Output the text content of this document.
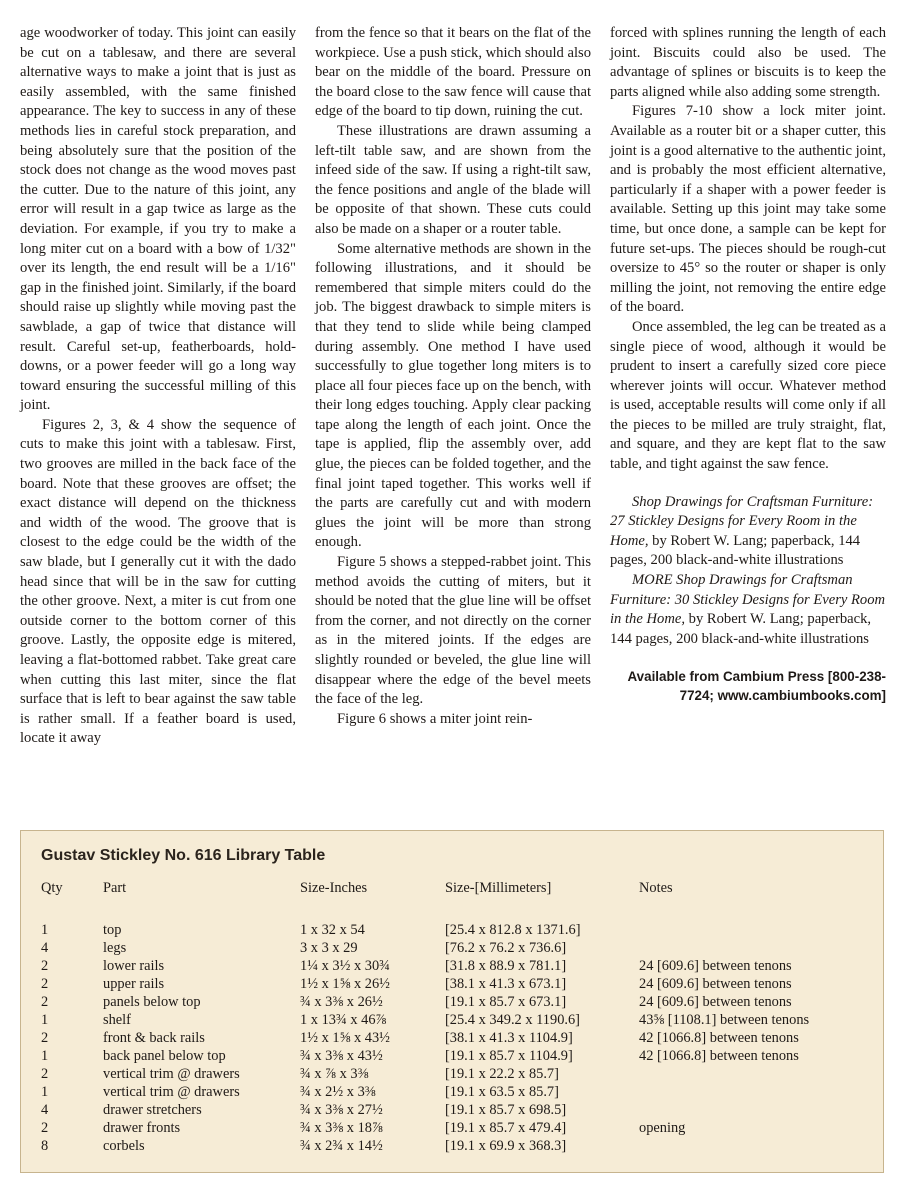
age woodworker of today. This joint can easily be cut on a tablesaw, and there are several alternative ways to make a joint that is just as easily assembled, with the same finished appearance. The key to success in any of these methods lies in careful stock preparation, and being absolutely sure that the position of the stock does not change as the wood moves past the cutter. Due to the nature of this joint, any error will result in a gap twice as large as the deviation. For example, if you try to make a long miter cut on a board with a bow of 1/32" over its length, the end result will be a 1/16" gap in the finished joint. Similarly, if the board should raise up slightly while moving past the sawblade, a gap of twice that distance will result. Careful set-up, featherboards, hold-downs, or a power feeder will go a long way toward ensuring the successful milling of this joint.

Figures 2, 3, & 4 show the sequence of cuts to make this joint with a tablesaw. First, two grooves are milled in the back face of the board. Note that these grooves are offset; the exact distance will depend on the thickness and width of the wood. The groove that is closest to the edge could be the width of the saw blade, but I generally cut it with the dado head since that will be in the saw for cutting the other groove. Next, a miter is cut from one outside corner to the bottom corner of this groove. Lastly, the opposite edge is mitered, leaving a flat-bottomed rabbet. Take great care when cutting this last miter, since the flat surface that is left to bear against the saw table is rather small. If a feather board is used, locate it away

from the fence so that it bears on the flat of the workpiece. Use a push stick, which should also bear on the middle of the board. Pressure on the board close to the saw fence will cause that edge of the board to tip down, ruining the cut.

These illustrations are drawn assuming a left-tilt table saw, and are shown from the infeed side of the saw. If using a right-tilt saw, the fence positions and angle of the blade will be opposite of that shown. These cuts could also be made on a shaper or a router table.

Some alternative methods are shown in the following illustrations, and it should be remembered that simple miters could do the job. The biggest drawback to simple miters is that they tend to slide while being clamped during assembly. One method I have used successfully to glue together long miters is to place all four pieces face up on the bench, with their long edges touching. Apply clear packing tape along the length of each joint. Once the tape is applied, flip the assembly over, add glue, the pieces can be folded together, and the final joint taped together. This works well if the parts are carefully cut and with modern glues the joint will be more than strong enough.

Figure 5 shows a stepped-rabbet joint. This method avoids the cutting of miters, but it should be noted that the glue line will be offset from the corner, and not directly on the corner as in the mitered joints. If the edges are slightly rounded or beveled, the glue line will disappear where the edge of the bevel meets the face of the leg.

Figure 6 shows a miter joint rein-

forced with splines running the length of each joint. Biscuits could also be used. The advantage of splines or biscuits is to keep the parts aligned while also adding some strength.

Figures 7-10 show a lock miter joint. Available as a router bit or a shaper cutter, this joint is a good alternative to the authentic joint, and is probably the most efficient alternative, particularly if a shaper with a power feeder is available. Setting up this joint may take some time, but once done, a sample can be kept for future set-ups. The pieces should be rough-cut oversize to 45° so the router or shaper is only milling the joint, not removing the entire edge of the board.

Once assembled, the leg can be treated as a single piece of wood, although it would be prudent to insert a carefully sized core piece wherever joints will occur. Whatever method is used, acceptable results will come only if all the pieces to be milled are truly straight, flat, and square, and they are kept flat to the saw table, and tight against the saw fence.

Shop Drawings for Craftsman Furniture: 27 Stickley Designs for Every Room in the Home, by Robert W. Lang; paperback, 144 pages, 200 black-and-white illustrations

MORE Shop Drawings for Craftsman Furniture: 30 Stickley Designs for Every Room in the Home, by Robert W. Lang; paperback, 144 pages, 200 black-and-white illustrations

Available from Cambium Press [800-238-7724; www.cambiumbooks.com]

Gustav Stickley No. 616 Library Table
Qty	Part	Size-Inches	Size-[Millimeters]	Notes
1	top	1 x 32 x 54	[25.4 x 812.8 x 1371.6]	
4	legs	3 x 3 x 29	[76.2 x 76.2 x 736.6]	
2	lower rails	1¼ x 3½ x 30¾	[31.8 x 88.9 x 781.1]	24 [609.6] between tenons
2	upper rails	1½ x 1⅝ x 26½	[38.1 x 41.3 x 673.1]	24 [609.6] between tenons
2	panels below top	¾ x 3⅜ x 26½	[19.1 x 85.7 x 673.1]	24 [609.6] between tenons
1	shelf	1 x 13¾ x 46⅞	[25.4 x 349.2 x 1190.6]	43⅝ [1108.1] between tenons
2	front & back rails	1½ x 1⅝ x 43½	[38.1 x 41.3 x 1104.9]	42 [1066.8] between tenons
1	back panel below top	¾ x 3⅜ x 43½	[19.1 x 85.7 x 1104.9]	42 [1066.8] between tenons
2	vertical trim @ drawers	¾ x ⅞ x 3⅜	[19.1 x 22.2 x 85.7]	
1	vertical trim @ drawers	¾ x 2½ x 3⅜	[19.1 x 63.5 x 85.7]	
4	drawer stretchers	¾ x 3⅜ x 27½	[19.1 x 85.7 x 698.5]	
2	drawer fronts	¾ x 3⅜ x 18⅞	[19.1 x 85.7 x 479.4]	opening
8	corbels	¾ x 2¾ x 14½	[19.1 x 69.9 x 368.3]	
